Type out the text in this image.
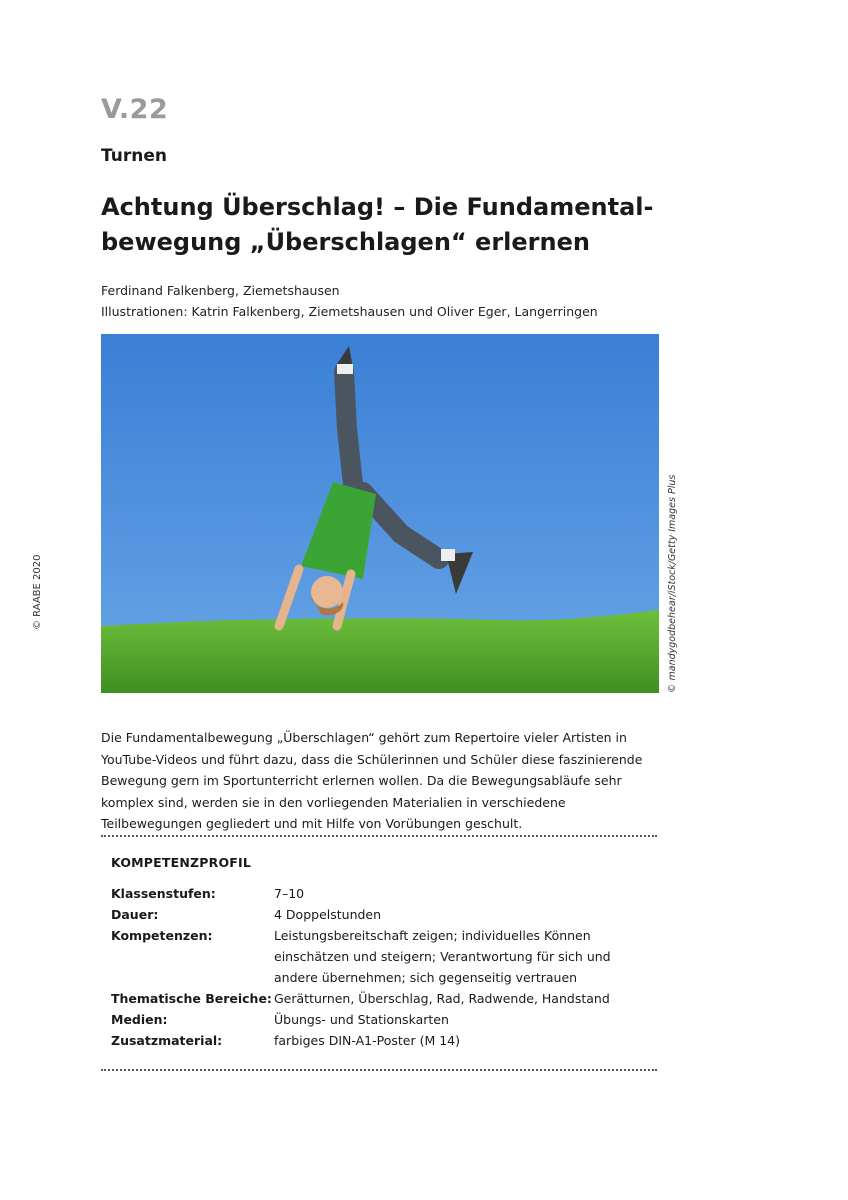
V.22
Turnen
Achtung Überschlag! – Die Fundamental-bewegung „Überschlagen“ erlernen
Ferdinand Falkenberg, Ziemetshausen
Illustrationen: Katrin Falkenberg, Ziemetshausen und Oliver Eger, Langerringen
© RAABE 2020	© mandygodbehear/iStock/Getty Images Plus
Die Fundamentalbewegung „Überschlagen“ gehört zum Repertoire vieler Artisten in YouTube-Videos und führt dazu, dass die Schülerinnen und Schüler diese faszinierende Bewegung gern im Sportunterricht erlernen wollen. Da die Bewegungsabläufe sehr komplex sind, werden sie in den vorliegenden Materialien in verschiedene Teilbewegungen gegliedert und mit Hilfe von Vorübungen geschult.
KOMPETENZPROFIL
Klassenstufen:	7–10
Dauer:	4 Doppelstunden
Kompetenzen:	Leistungsbereitschaft zeigen; individuelles Können einschätzen und steigern; Verantwortung für sich und andere übernehmen; sich gegenseitig vertrauen
Thematische Bereiche:	Gerätturnen, Überschlag, Rad, Radwende, Handstand
Medien:	Übungs- und Stationskarten
Zusatzmaterial:	farbiges DIN-A1-Poster (M 14)
